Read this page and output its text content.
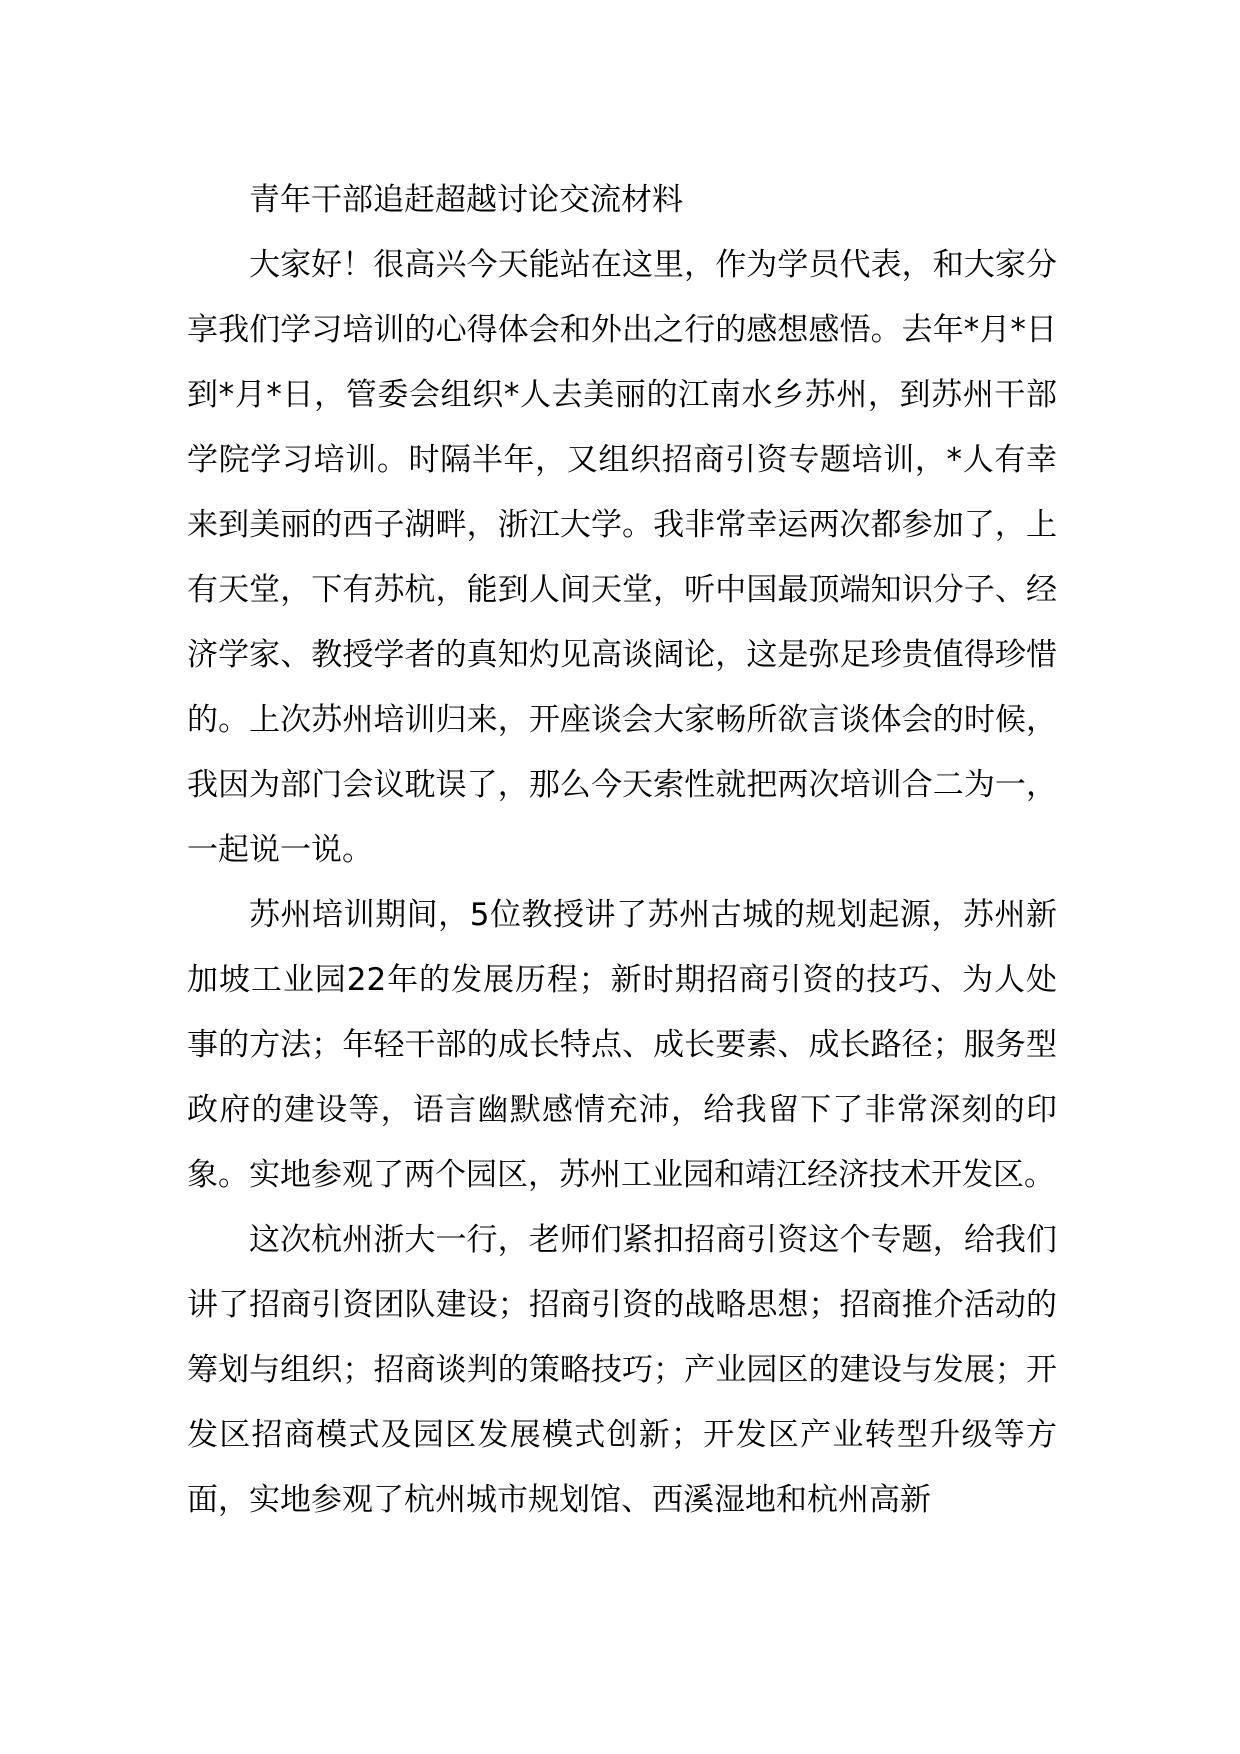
青年干部追赶超越讨论交流材料

大家好！很高兴今天能站在这里，作为学员代表，和大家分享我们学习培训的心得体会和外出之行的感想感悟。去年*月*日到*月*日，管委会组织*人去美丽的江南水乡苏州，到苏州干部学院学习培训。时隔半年，又组织招商引资专题培训，*人有幸来到美丽的西子湖畔，浙江大学。我非常幸运两次都参加了，上有天堂，下有苏杭，能到人间天堂，听中国最顶端知识分子、经济学家、教授学者的真知灼见高谈阔论，这是弥足珍贵值得珍惜的。上次苏州培训归来，开座谈会大家畅所欲言谈体会的时候，我因为部门会议耽误了，那么今天索性就把两次培训合二为一，一起说一说。

苏州培训期间，5位教授讲了苏州古城的规划起源，苏州新加坡工业园22年的发展历程；新时期招商引资的技巧、为人处事的方法；年轻干部的成长特点、成长要素、成长路径；服务型政府的建设等，语言幽默感情充沛，给我留下了非常深刻的印象。实地参观了两个园区，苏州工业园和靖江经济技术开发区。

这次杭州浙大一行，老师们紧扣招商引资这个专题，给我们讲了招商引资团队建设；招商引资的战略思想；招商推介活动的筹划与组织；招商谈判的策略技巧；产业园区的建设与发展；开发区招商模式及园区发展模式创新；开发区产业转型升级等方面，实地参观了杭州城市规划馆、西溪湿地和杭州高新
